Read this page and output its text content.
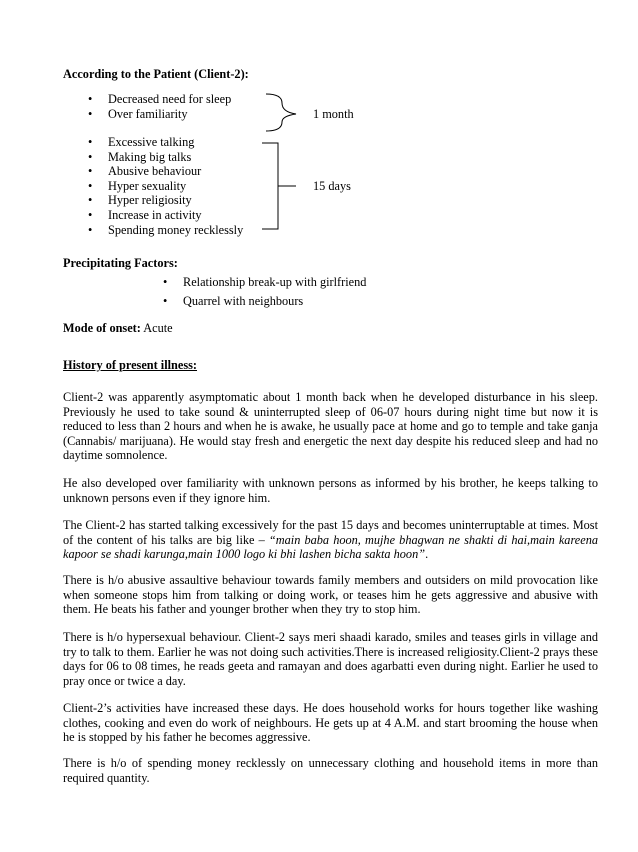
According to the Patient (Client-2):
• Decreased need for sleep
• Over familiarity	1 month
• Excessive talking
• Making big talks
• Abusive behaviour
• Hyper sexuality
• Hyper religiosity
• Increase in activity
• Spending money recklessly
15 days
Precipitating Factors:
• Relationship break-up with girlfriend
• Quarrel with neighbours
Mode of onset: Acute
History of present illness:

Client-2 was apparently asymptomatic about 1 month back when he developed disturbance in his sleep. Previously he used to take sound & uninterrupted sleep of 06-07 hours during night time but now it is reduced to less than 2 hours and when he is awake, he usually pace at home and go to temple and take ganja (Cannabis/ marijuana). He would stay fresh and energetic the next day despite his reduced sleep and had no daytime somnolence.

He also developed over familiarity with unknown persons as informed by his brother, he keeps talking to unknown persons even if they ignore him.

The Client-2 has started talking excessively for the past 15 days and becomes uninterruptable at times. Most of the content of his talks are big like – “main baba hoon, mujhe bhagwan ne shakti di hai,main kareena kapoor se shadi karunga,main 1000 logo ki bhi lashen bicha sakta hoon”.

There is h/o abusive assaultive behaviour towards family members and outsiders on mild provocation like when someone stops him from talking or doing work, or teases him he gets aggressive and abusive with them. He beats his father and younger brother when they try to stop him.

There is h/o hypersexual behaviour. Client-2 says meri shaadi karado, smiles and teases girls in village and try to talk to them. Earlier he was not doing such activities.There is increased religiosity.Client-2 prays these days for 06 to 08 times, he reads geeta and ramayan and does agarbatti even during night. Earlier he used to pray once or twice a day.

Client-2’s activities have increased these days. He does household works for hours together like washing clothes, cooking and even do work of neighbours. He gets up at 4 A.M. and start brooming the house when he is stopped by his father he becomes aggressive.

There is h/o of spending money recklessly on unnecessary clothing and household items in more than required quantity.
